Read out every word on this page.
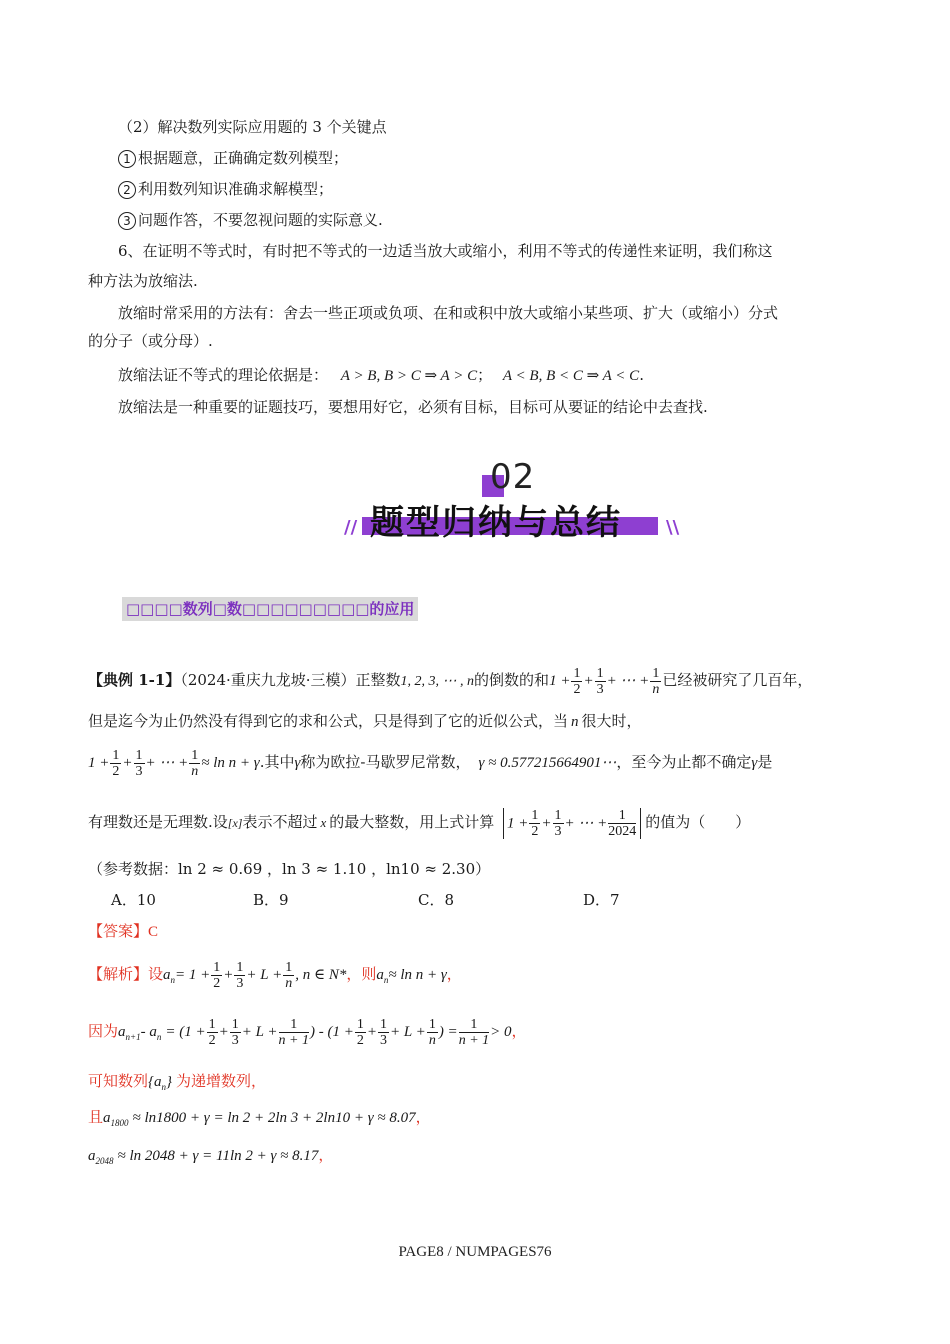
（2）解决数列实际应用题的 3 个关键点
1 根据题意，正确确定数列模型；
2 利用数列知识准确求解模型；
3 问题作答，不要忽视问题的实际意义.
6、在证明不等式时，有时把不等式的一边适当放大或缩小，利用不等式的传递性来证明，我们称这
种方法为放缩法.
放缩时常采用的方法有：舍去一些正项或负项、在和或积中放大或缩小某些项、扩大（或缩小）分式
的分子（或分母）.
放缩法证不等式的理论依据是： A > B, B > C ⇒ A > C； A < B, B < C ⇒ A < C.
放缩法是一种重要的证题技巧，要想用好它，必须有目标，目标可从要证的结论中去查找.
02
题型归纳与总结
//	\\
□□□□数列□数□□□□□□□□□的应用
【典例 1-1】（2024·重庆九龙坡·三模）正整数1, 2, 3, ⋯ , n的倒数的和$1 + \frac{1}{2} + \frac{1}{3}$ + ⋯ + $\frac{1}{n}$ 已经被研究了几百年，
但是迄今为止仍然没有得到它的求和公式，只是得到了它的近似公式，当 n 很大时，
$1 + \frac{1}{2} + \frac{1}{3}$ + ⋯ + $\frac{1}{n} \approx \ln n + \gamma$.其中γ称为欧拉-马歇罗尼常数， γ ≈ 0.577215664901⋯，至今为止都不确定γ是
有理数还是无理数.设[x]表示不超过 x 的最大整数，用上式计算 $1 + \frac{1}{2} + \frac{1}{3}$ + ⋯ + $\frac{1}{2024}$ 的值为（　　）
（参考数据：ln 2 ≈ 0.69 ，ln 3 ≈ 1.10 ，ln10 ≈ 2.30）
A．10	B．9	C．8	D．7
【答案】C
【解析】设$a_n= 1 + \frac{1}{2} + \frac{1}{3} + L + \frac{1}{n}$ , n ∈ N*，则$a_n\approx \ln n + \gamma$，
因为$a_{n+1}-$ $a_n = (1 + \frac{1}{2} + \frac{1}{3} + L + \frac{1}{n + 1}$ ) - ($1 + \frac{1}{2} + \frac{1}{3} + L + \frac{1}{n}$ ) = $\frac{1}{n + 1} > 0$，
可知数列$\{a_n\}$ 为递增数列，
且$a_{1800} \approx \ln 1800 + \gamma = \ln 2 + 2\ln$ 3 + 2ln10 + γ ≈ 8.07，
$a_{2048} \approx \ln 2048 + \gamma = 11\ln$ 2 + γ ≈ 8.17，
PAGE8 / NUMPAGES76
